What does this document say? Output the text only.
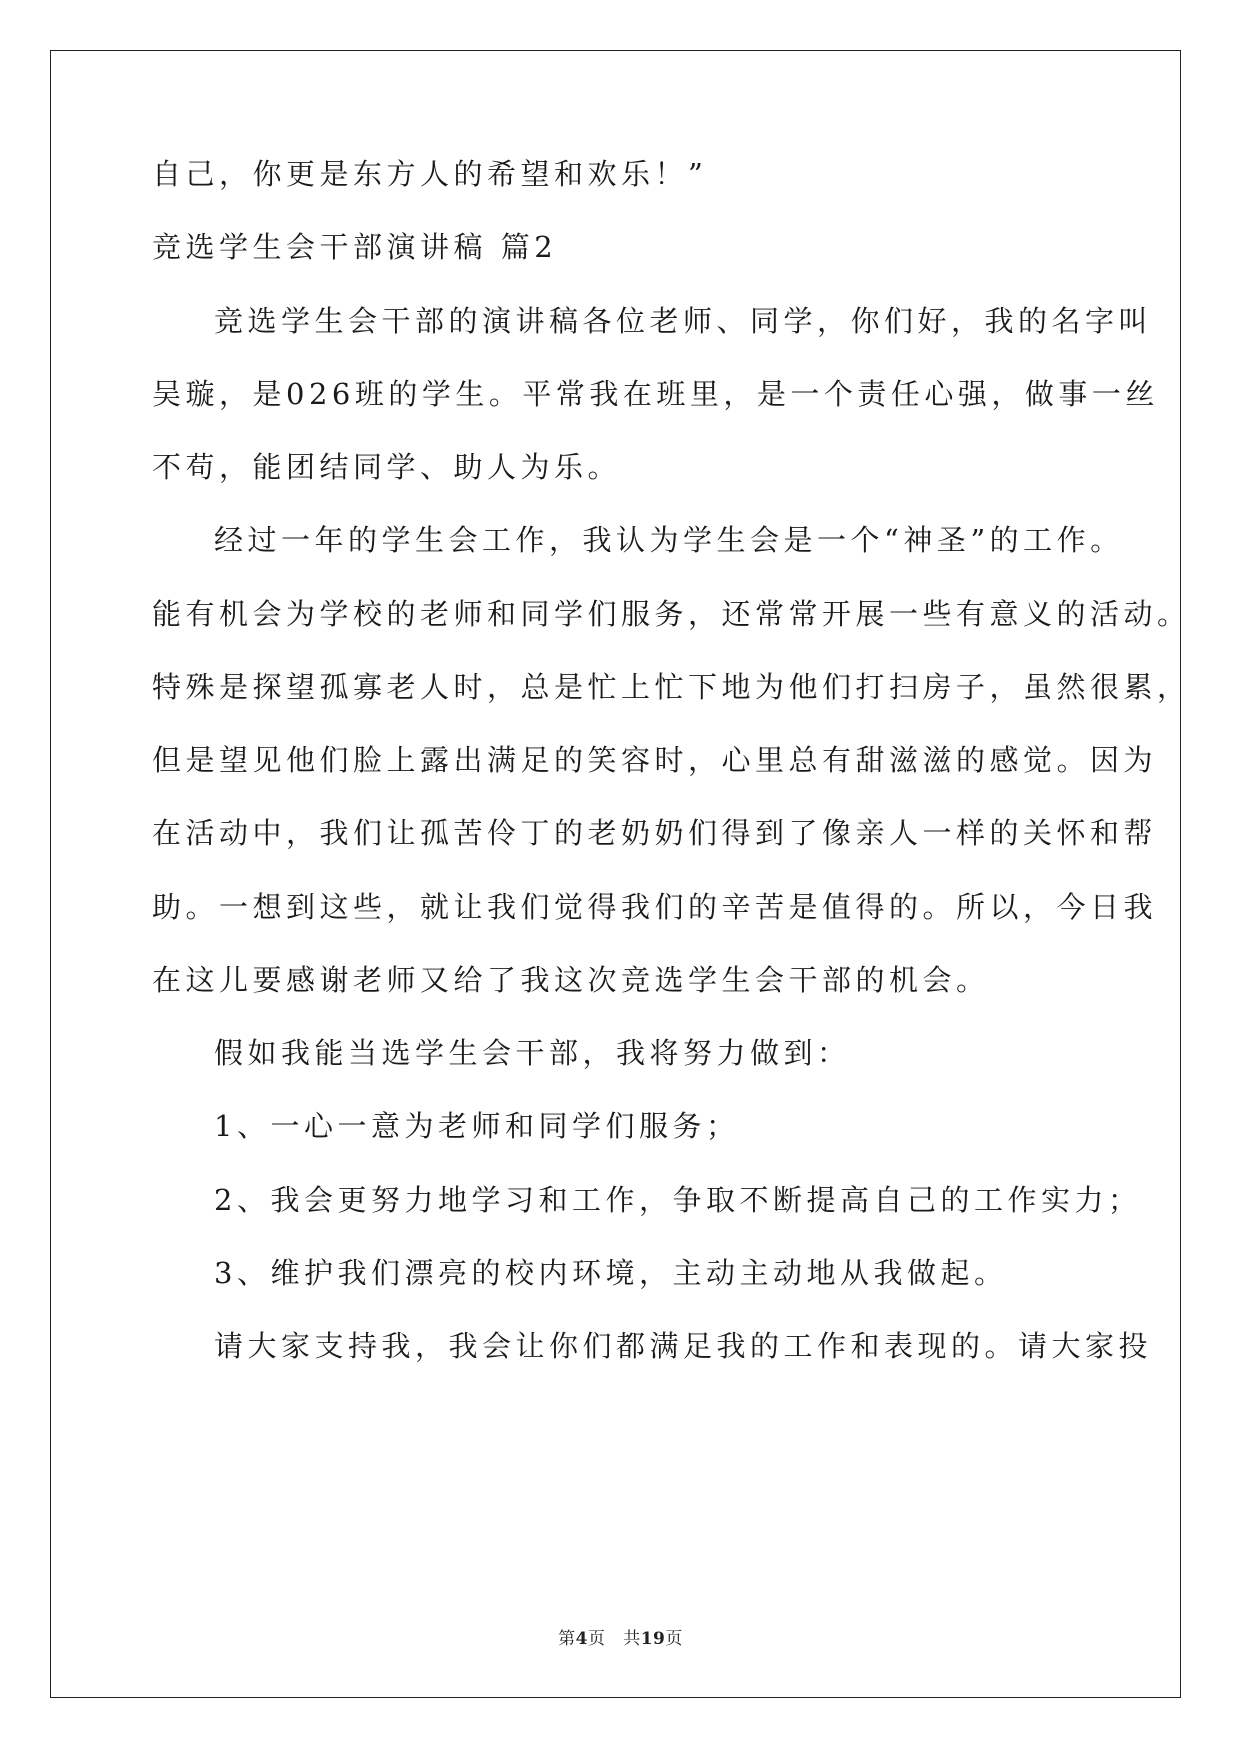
自己，你更是东方人的希望和欢乐！”
竞选学生会干部演讲稿 篇2
竞选学生会干部的演讲稿各位老师、同学，你们好，我的名字叫
吴璇，是026班的学生。平常我在班里，是一个责任心强，做事一丝
不苟，能团结同学、助人为乐。
经过一年的学生会工作，我认为学生会是一个“神圣”的工作。
能有机会为学校的老师和同学们服务，还常常开展一些有意义的活动。
特殊是探望孤寡老人时，总是忙上忙下地为他们打扫房子，虽然很累，
但是望见他们脸上露出满足的笑容时，心里总有甜滋滋的感觉。因为
在活动中，我们让孤苦伶丁的老奶奶们得到了像亲人一样的关怀和帮
助。一想到这些，就让我们觉得我们的辛苦是值得的。所以，今日我
在这儿要感谢老师又给了我这次竞选学生会干部的机会。
假如我能当选学生会干部，我将努力做到：
1、一心一意为老师和同学们服务；
2、我会更努力地学习和工作，争取不断提高自己的工作实力；
3、维护我们漂亮的校内环境，主动主动地从我做起。
请大家支持我，我会让你们都满足我的工作和表现的。请大家投
第4页 共19页
